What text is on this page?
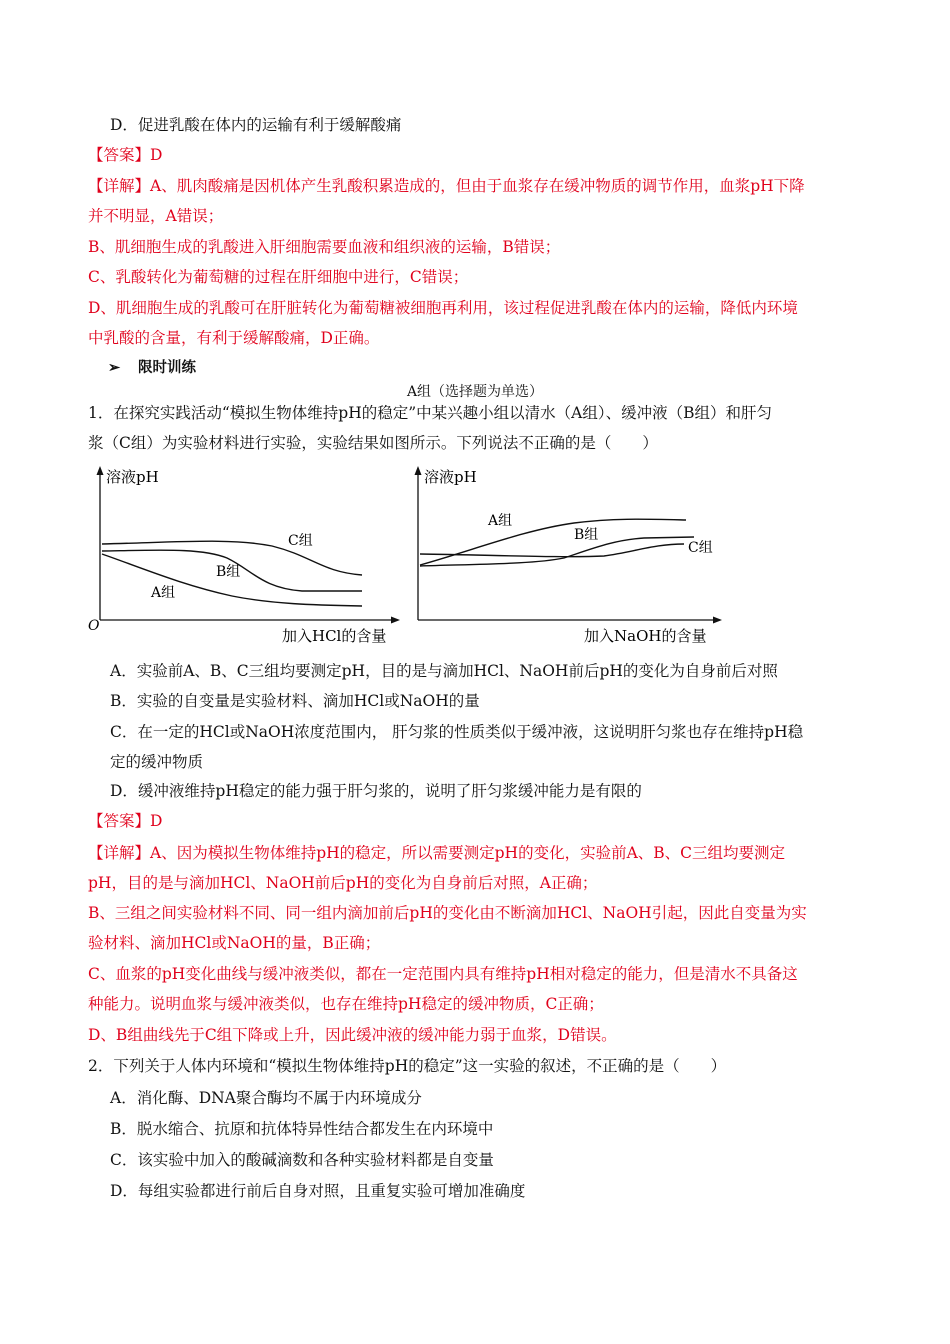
D．促进乳酸在体内的运输有利于缓解酸痛
【答案】D
【详解】A、肌肉酸痛是因机体产生乳酸积累造成的，但由于血浆存在缓冲物质的调节作用，血浆pH下降
并不明显，A错误；
B、肌细胞生成的乳酸进入肝细胞需要血液和组织液的运输，B错误；
C、乳酸转化为葡萄糖的过程在肝细胞中进行，C错误；
D、肌细胞生成的乳酸可在肝脏转化为葡萄糖被细胞再利用，该过程促进乳酸在体内的运输，降低内环境
中乳酸的含量，有利于缓解酸痛，D正确。
➢ 限时训练
A组（选择题为单选）
1．在探究实践活动“模拟生物体维持pH的稳定”中某兴趣小组以清水（A组）、缓冲液（B组）和肝匀
浆（C组）为实验材料进行实验，实验结果如图所示。下列说法不正确的是（　　）
溶液pH
O
加入HCl的含量
C组
B组
A组
溶液pH
加入NaOH的含量
A组
B组
C组
A．实验前A、B、C三组均要测定pH，目的是与滴加HCl、NaOH前后pH的变化为自身前后对照
B．实验的自变量是实验材料、滴加HCl或NaOH的量
C．在一定的HCl或NaOH浓度范围内， 肝匀浆的性质类似于缓冲液，这说明肝匀浆也存在维持pH稳
定的缓冲物质
D．缓冲液维持pH稳定的能力强于肝匀浆的，说明了肝匀浆缓冲能力是有限的
【答案】D
【详解】A、因为模拟生物体维持pH的稳定，所以需要测定pH的变化，实验前A、B、C三组均要测定
pH，目的是与滴加HCl、NaOH前后pH的变化为自身前后对照，A正确；
B、三组之间实验材料不同、同一组内滴加前后pH的变化由不断滴加HCl、NaOH引起，因此自变量为实
验材料、滴加HCl或NaOH的量，B正确；
C、血浆的pH变化曲线与缓冲液类似，都在一定范围内具有维持pH相对稳定的能力，但是清水不具备这
种能力。说明血浆与缓冲液类似，也存在维持pH稳定的缓冲物质，C正确；
D、B组曲线先于C组下降或上升，因此缓冲液的缓冲能力弱于血浆，D错误。
2．下列关于人体内环境和“模拟生物体维持pH的稳定”这一实验的叙述，不正确的是（　　）
A．消化酶、DNA聚合酶均不属于内环境成分
B．脱水缩合、抗原和抗体特异性结合都发生在内环境中
C．该实验中加入的酸碱滴数和各种实验材料都是自变量
D．每组实验都进行前后自身对照，且重复实验可增加准确度
